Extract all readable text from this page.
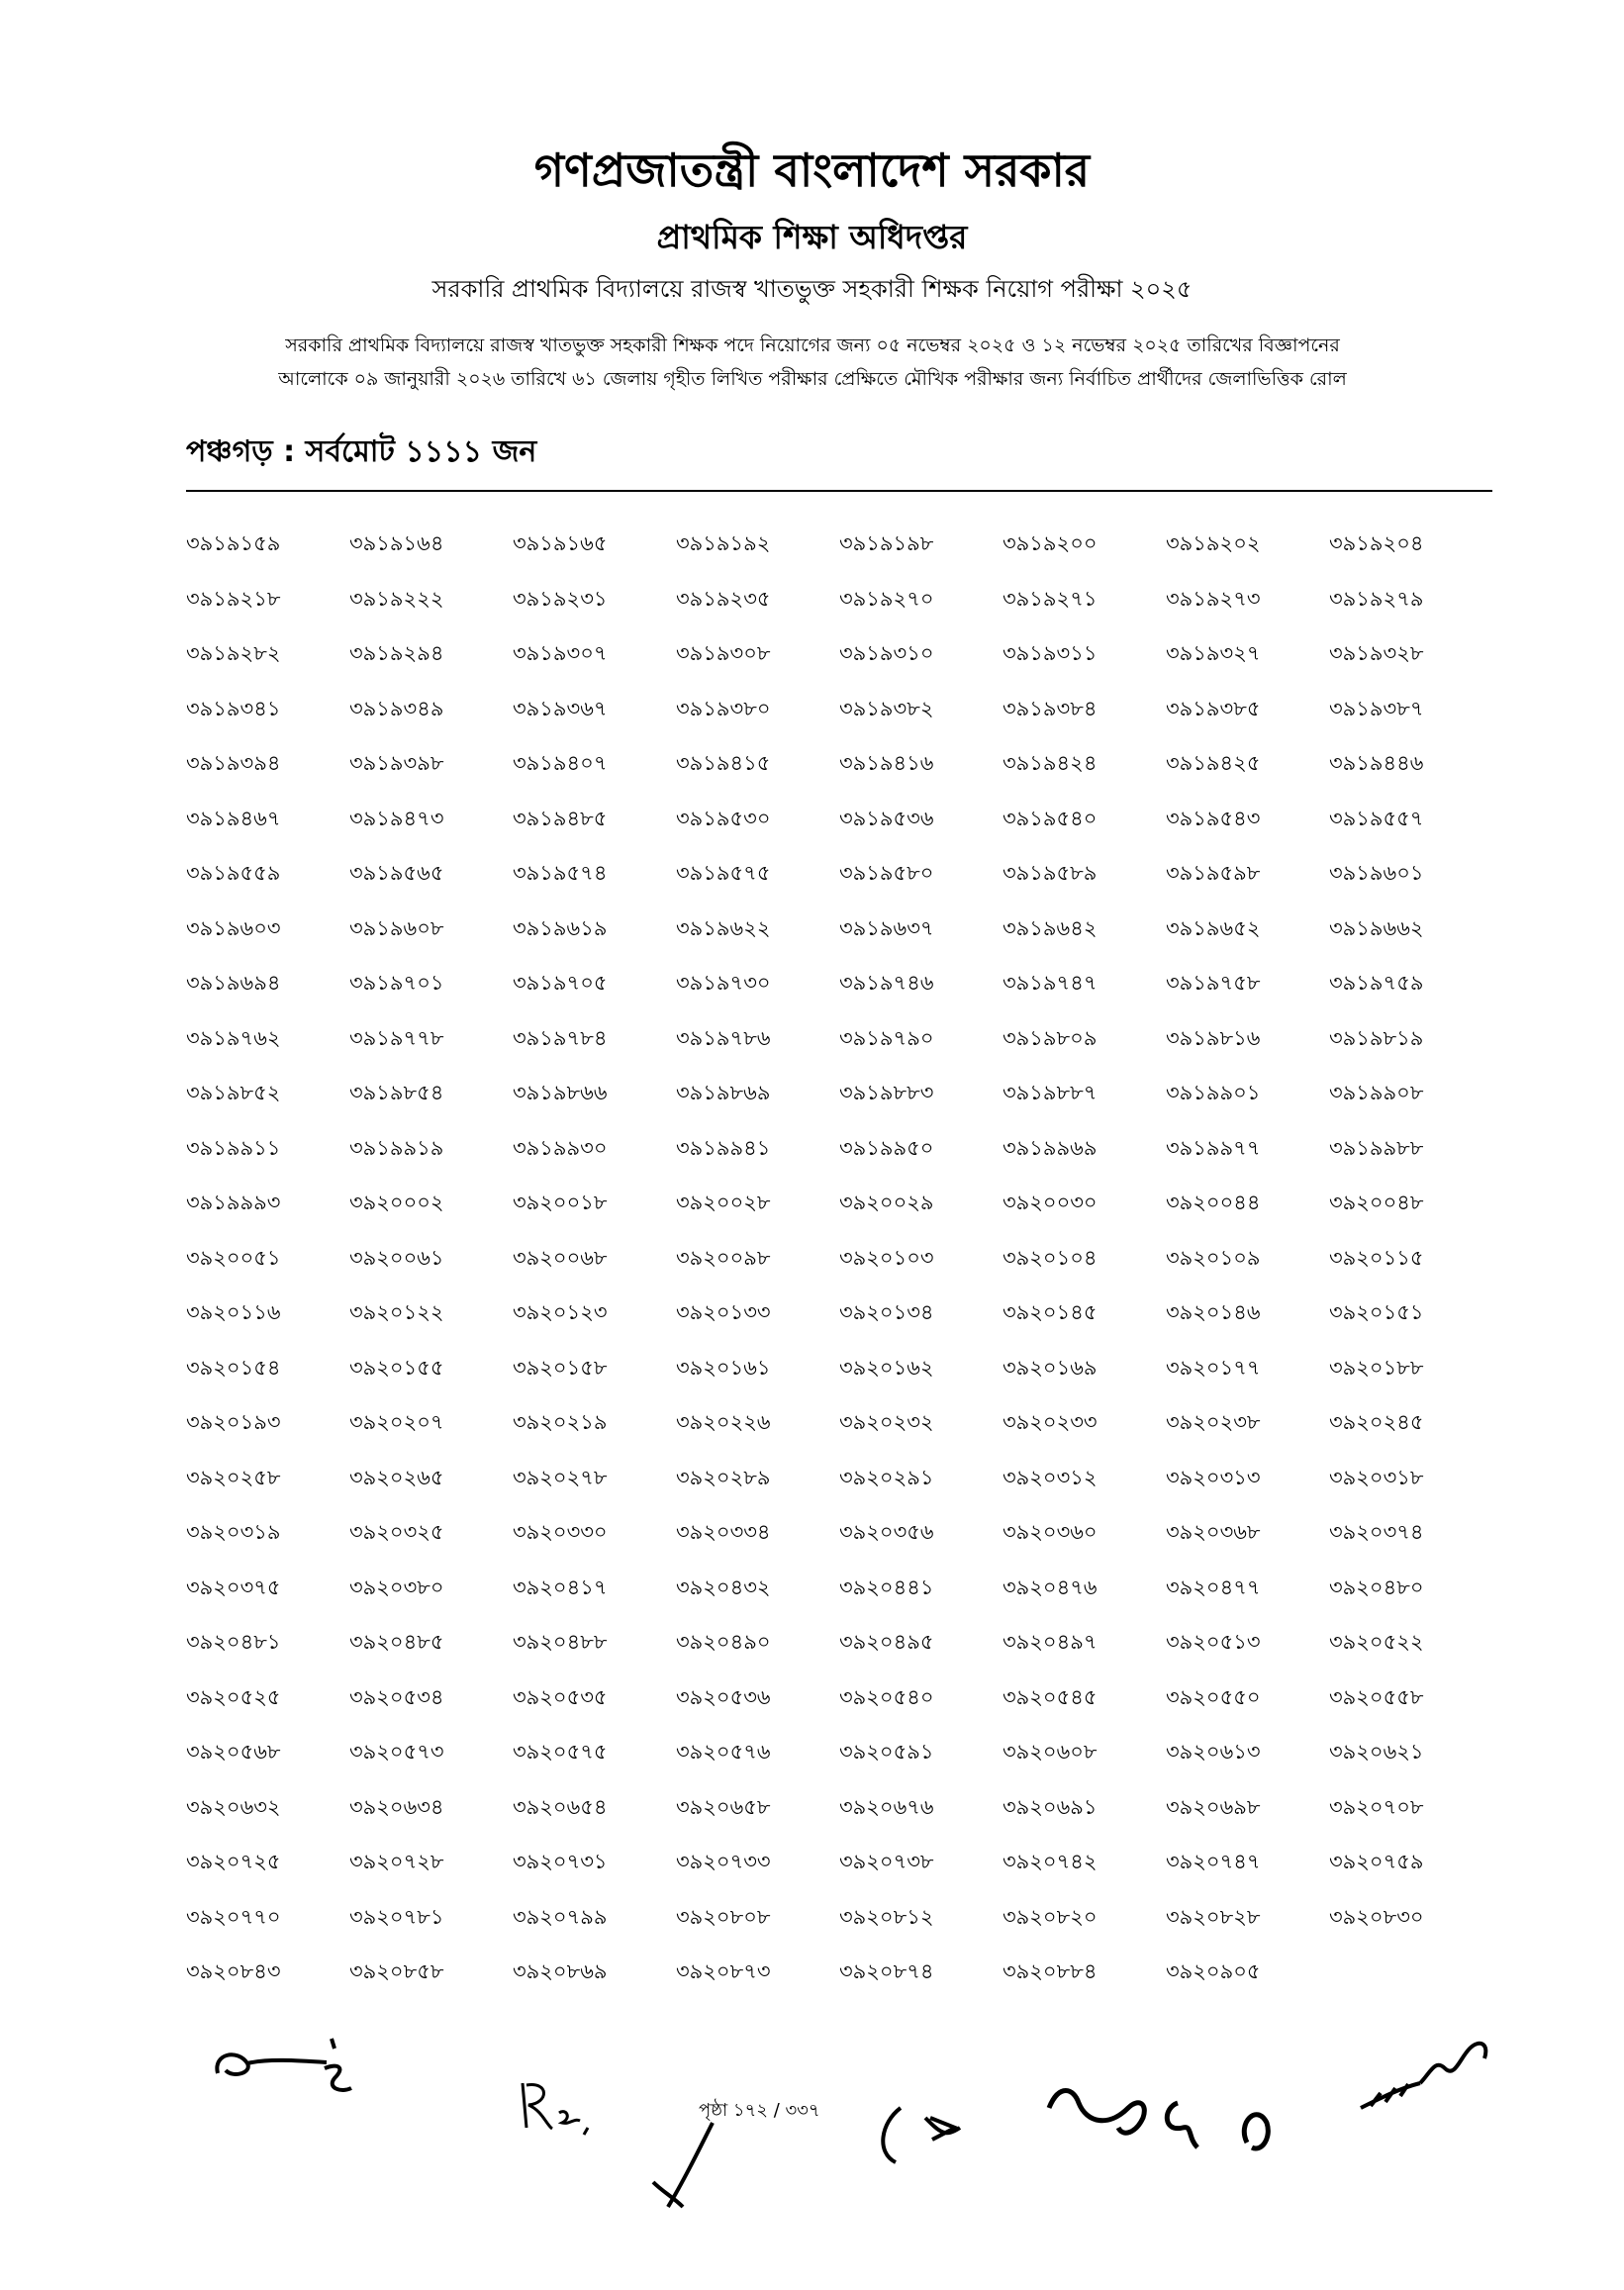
গণপ্রজাতন্ত্রী বাংলাদেশ সরকার
প্রাথমিক শিক্ষা অধিদপ্তর
সরকারি প্রাথমিক বিদ্যালয়ে রাজস্ব খাতভুক্ত সহকারী শিক্ষক নিয়োগ পরীক্ষা ২০২৫
সরকারি প্রাথমিক বিদ্যালয়ে রাজস্ব খাতভুক্ত সহকারী শিক্ষক পদে নিয়োগের জন্য ০৫ নভেম্বর ২০২৫ ও ১২ নভেম্বর ২০২৫ তারিখের বিজ্ঞাপনের
আলোকে ০৯ জানুয়ারী ২০২৬ তারিখে ৬১ জেলায় গৃহীত লিখিত পরীক্ষার প্রেক্ষিতে মৌখিক পরীক্ষার জন্য নির্বাচিত প্রার্থীদের জেলাভিত্তিক রোল
পঞ্চগড় : সর্বমোট ১১১১ জন
৩৯১৯১৫৯	৩৯১৯১৬৪	৩৯১৯১৬৫	৩৯১৯১৯২	৩৯১৯১৯৮	৩৯১৯২০০	৩৯১৯২০২	৩৯১৯২০৪
৩৯১৯২১৮	৩৯১৯২২২	৩৯১৯২৩১	৩৯১৯২৩৫	৩৯১৯২৭০	৩৯১৯২৭১	৩৯১৯২৭৩	৩৯১৯২৭৯
৩৯১৯২৮২	৩৯১৯২৯৪	৩৯১৯৩০৭	৩৯১৯৩০৮	৩৯১৯৩১০	৩৯১৯৩১১	৩৯১৯৩২৭	৩৯১৯৩২৮
৩৯১৯৩৪১	৩৯১৯৩৪৯	৩৯১৯৩৬৭	৩৯১৯৩৮০	৩৯১৯৩৮২	৩৯১৯৩৮৪	৩৯১৯৩৮৫	৩৯১৯৩৮৭
৩৯১৯৩৯৪	৩৯১৯৩৯৮	৩৯১৯৪০৭	৩৯১৯৪১৫	৩৯১৯৪১৬	৩৯১৯৪২৪	৩৯১৯৪২৫	৩৯১৯৪৪৬
৩৯১৯৪৬৭	৩৯১৯৪৭৩	৩৯১৯৪৮৫	৩৯১৯৫৩০	৩৯১৯৫৩৬	৩৯১৯৫৪০	৩৯১৯৫৪৩	৩৯১৯৫৫৭
৩৯১৯৫৫৯	৩৯১৯৫৬৫	৩৯১৯৫৭৪	৩৯১৯৫৭৫	৩৯১৯৫৮০	৩৯১৯৫৮৯	৩৯১৯৫৯৮	৩৯১৯৬০১
৩৯১৯৬০৩	৩৯১৯৬০৮	৩৯১৯৬১৯	৩৯১৯৬২২	৩৯১৯৬৩৭	৩৯১৯৬৪২	৩৯১৯৬৫২	৩৯১৯৬৬২
৩৯১৯৬৯৪	৩৯১৯৭০১	৩৯১৯৭০৫	৩৯১৯৭৩০	৩৯১৯৭৪৬	৩৯১৯৭৪৭	৩৯১৯৭৫৮	৩৯১৯৭৫৯
৩৯১৯৭৬২	৩৯১৯৭৭৮	৩৯১৯৭৮৪	৩৯১৯৭৮৬	৩৯১৯৭৯০	৩৯১৯৮০৯	৩৯১৯৮১৬	৩৯১৯৮১৯
৩৯১৯৮৫২	৩৯১৯৮৫৪	৩৯১৯৮৬৬	৩৯১৯৮৬৯	৩৯১৯৮৮৩	৩৯১৯৮৮৭	৩৯১৯৯০১	৩৯১৯৯০৮
৩৯১৯৯১১	৩৯১৯৯১৯	৩৯১৯৯৩০	৩৯১৯৯৪১	৩৯১৯৯৫০	৩৯১৯৯৬৯	৩৯১৯৯৭৭	৩৯১৯৯৮৮
৩৯১৯৯৯৩	৩৯২০০০২	৩৯২০০১৮	৩৯২০০২৮	৩৯২০০২৯	৩৯২০০৩০	৩৯২০০৪৪	৩৯২০০৪৮
৩৯২০০৫১	৩৯২০০৬১	৩৯২০০৬৮	৩৯২০০৯৮	৩৯২০১০৩	৩৯২০১০৪	৩৯২০১০৯	৩৯২০১১৫
৩৯২০১১৬	৩৯২০১২২	৩৯২০১২৩	৩৯২০১৩৩	৩৯২০১৩৪	৩৯২০১৪৫	৩৯২০১৪৬	৩৯২০১৫১
৩৯২০১৫৪	৩৯২০১৫৫	৩৯২০১৫৮	৩৯২০১৬১	৩৯২০১৬২	৩৯২০১৬৯	৩৯২০১৭৭	৩৯২০১৮৮
৩৯২০১৯৩	৩৯২০২০৭	৩৯২০২১৯	৩৯২০২২৬	৩৯২০২৩২	৩৯২০২৩৩	৩৯২০২৩৮	৩৯২০২৪৫
৩৯২০২৫৮	৩৯২০২৬৫	৩৯২০২৭৮	৩৯২০২৮৯	৩৯২০২৯১	৩৯২০৩১২	৩৯২০৩১৩	৩৯২০৩১৮
৩৯২০৩১৯	৩৯২০৩২৫	৩৯২০৩৩০	৩৯২০৩৩৪	৩৯২০৩৫৬	৩৯২০৩৬০	৩৯২০৩৬৮	৩৯২০৩৭৪
৩৯২০৩৭৫	৩৯২০৩৮০	৩৯২০৪১৭	৩৯২০৪৩২	৩৯২০৪৪১	৩৯২০৪৭৬	৩৯২০৪৭৭	৩৯২০৪৮০
৩৯২০৪৮১	৩৯২০৪৮৫	৩৯২০৪৮৮	৩৯২০৪৯০	৩৯২০৪৯৫	৩৯২০৪৯৭	৩৯২০৫১৩	৩৯২০৫২২
৩৯২০৫২৫	৩৯২০৫৩৪	৩৯২০৫৩৫	৩৯২০৫৩৬	৩৯২০৫৪০	৩৯২০৫৪৫	৩৯২০৫৫০	৩৯২০৫৫৮
৩৯২০৫৬৮	৩৯২০৫৭৩	৩৯২০৫৭৫	৩৯২০৫৭৬	৩৯২০৫৯১	৩৯২০৬০৮	৩৯২০৬১৩	৩৯২০৬২১
৩৯২০৬৩২	৩৯২০৬৩৪	৩৯২০৬৫৪	৩৯২০৬৫৮	৩৯২০৬৭৬	৩৯২০৬৯১	৩৯২০৬৯৮	৩৯২০৭০৮
৩৯২০৭২৫	৩৯২০৭২৮	৩৯২০৭৩১	৩৯২০৭৩৩	৩৯২০৭৩৮	৩৯২০৭৪২	৩৯২০৭৪৭	৩৯২০৭৫৯
৩৯২০৭৭০	৩৯২০৭৮১	৩৯২০৭৯৯	৩৯২০৮০৮	৩৯২০৮১২	৩৯২০৮২০	৩৯২০৮২৮	৩৯২০৮৩০
৩৯২০৮৪৩	৩৯২০৮৫৮	৩৯২০৮৬৯	৩৯২০৮৭৩	৩৯২০৮৭৪	৩৯২০৮৮৪	৩৯২০৯০৫
পৃষ্ঠা ১৭২ / ৩৩৭
